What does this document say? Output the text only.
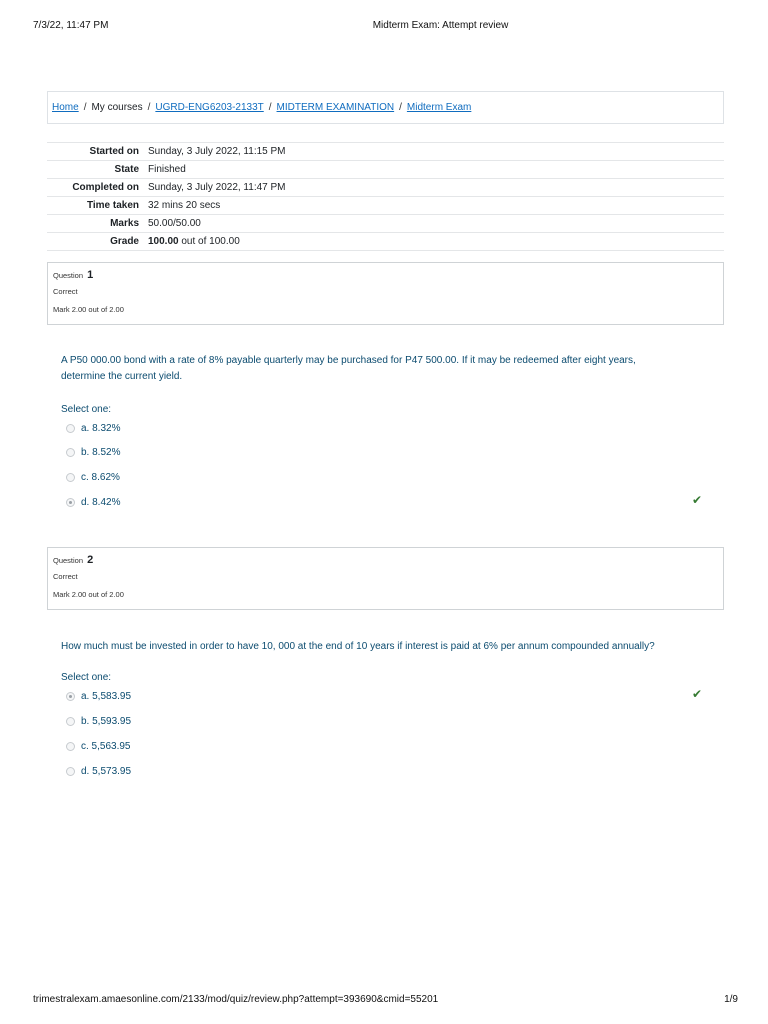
7/3/22, 11:47 PM	Midterm Exam: Attempt review
Home / My courses / UGRD-ENG6203-2133T / MIDTERM EXAMINATION / Midterm Exam
Started on	Sunday, 3 July 2022, 11:15 PM
State	Finished
Completed on	Sunday, 3 July 2022, 11:47 PM
Time taken	32 mins 20 secs
Marks	50.00/50.00
Grade	100.00 out of 100.00
Question 1
Correct
Mark 2.00 out of 2.00
A P50 000.00 bond with a rate of 8% payable quarterly may be purchased for P47 500.00. If it may be redeemed after eight years, determine the current yield.
Select one:
a. 8.32%
b. 8.52%
c. 8.62%
d. 8.42%	✔
Question 2
Correct
Mark 2.00 out of 2.00
How much must be invested in order to have 10, 000 at the end of 10 years if interest is paid at 6% per annum compounded annually?
Select one:
a. 5,583.95
b. 5,593.95
c. 5,563.95
d. 5,573.95
✔
trimestralexam.amaesonline.com/2133/mod/quiz/review.php?attempt=393690&cmid=55201	1/9
